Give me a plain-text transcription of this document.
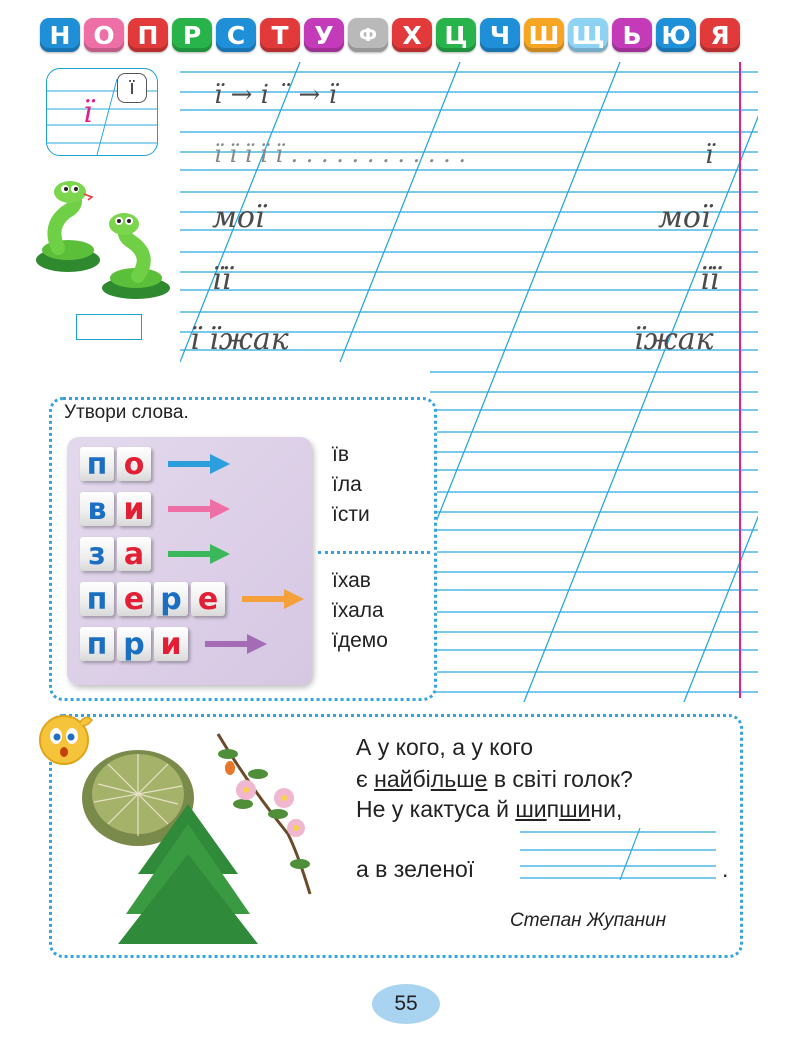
Н О П Р	С	Т	У	Ф	Х Ц Ч Ш Щ Ь Ю Я
ї → і ¨ → ї
ї ї ї ї ї . . . . . . . . . . . .	ї
мої	мої
її	її
ї їжак	їжак
ї
ї
Утвори слова.
п о
в и
з а
п е р е
п р и
їв
їла
їсти
їхав
їхала
їдемо
А у кого, а у кого
є найбільше в світі голок?
Не у кактуса й шипшини,
а в зеленої	.
Степан Жупанин
55
